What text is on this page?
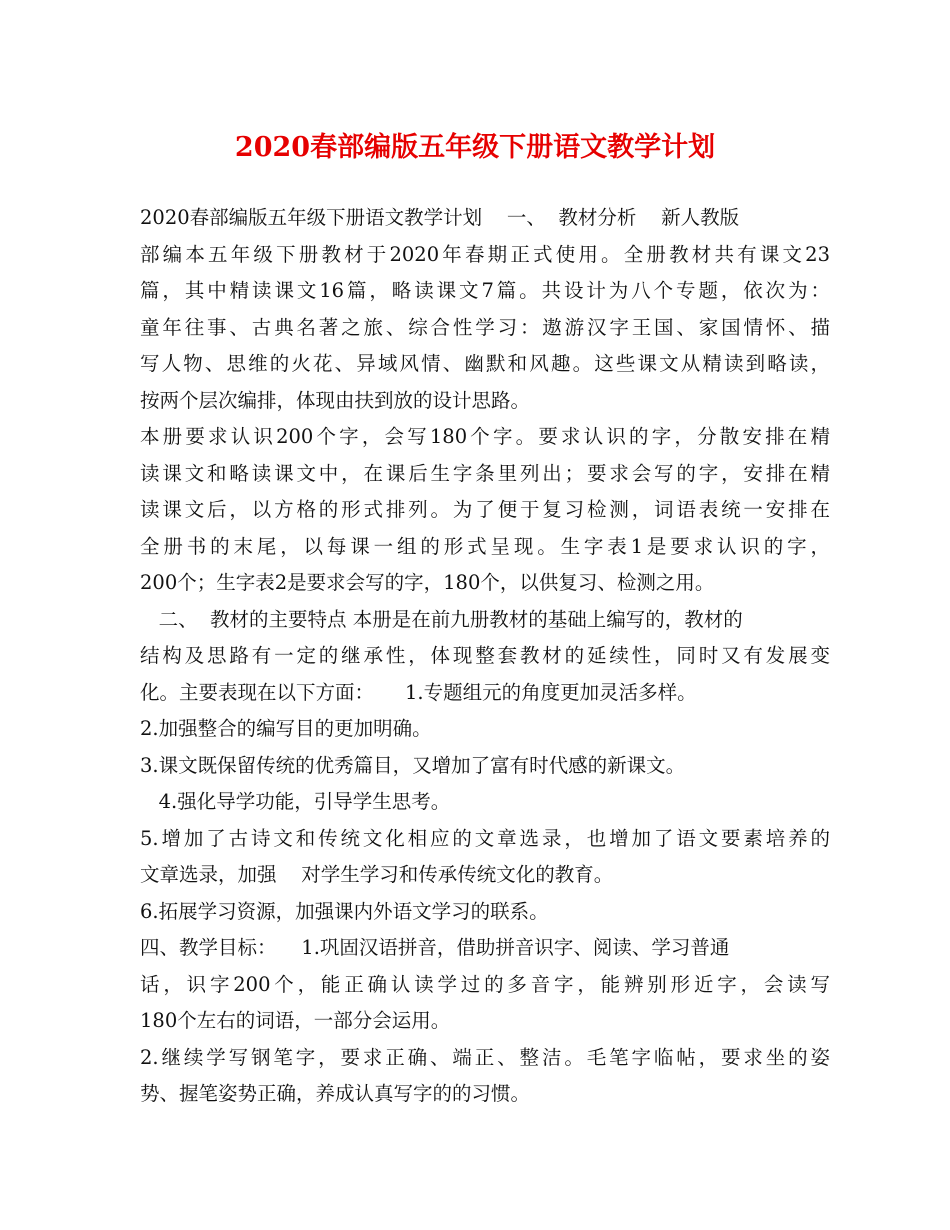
2020春部编版五年级下册语文教学计划
2020春部编版五年级下册语文教学计划    一、  教材分析    新人教版
部编本五年级下册教材于2020年春期正式使用。全册教材共有课文23
篇，其中精读课文16篇，略读课文7篇。共设计为八个专题，依次为：
童年往事、古典名著之旅、综合性学习：遨游汉字王国、家国情怀、描
写人物、思维的火花、异域风情、幽默和风趣。这些课文从精读到略读，
按两个层次编排，体现由扶到放的设计思路。
本册要求认识200个字，会写180个字。要求认识的字，分散安排在精
读课文和略读课文中，在课后生字条里列出；要求会写的字，安排在精
读课文后，以方格的形式排列。为了便于复习检测，词语表统一安排在
全册书的末尾，以每课一组的形式呈现。生字表1是要求认识的字，
200个；生字表2是要求会写的字，180个，以供复习、检测之用。
二、  教材的主要特点 本册是在前九册教材的基础上编写的，教材的
结构及思路有一定的继承性，体现整套教材的延续性，同时又有发展变
化。主要表现在以下方面：     1.专题组元的角度更加灵活多样。
2.加强整合的编写目的更加明确。
3.课文既保留传统的优秀篇目，又增加了富有时代感的新课文。
4.强化导学功能，引导学生思考。
5.增加了古诗文和传统文化相应的文章选录，也增加了语文要素培养的
文章选录，加强    对学生学习和传承传统文化的教育。
6.拓展学习资源，加强课内外语文学习的联系。
四、教学目标：    1.巩固汉语拼音，借助拼音识字、阅读、学习普通
话，识字200个，能正确认读学过的多音字，能辨别形近字，会读写
180个左右的词语，一部分会运用。
2.继续学写钢笔字，要求正确、端正、整洁。毛笔字临帖，要求坐的姿
势、握笔姿势正确，养成认真写字的的习惯。
